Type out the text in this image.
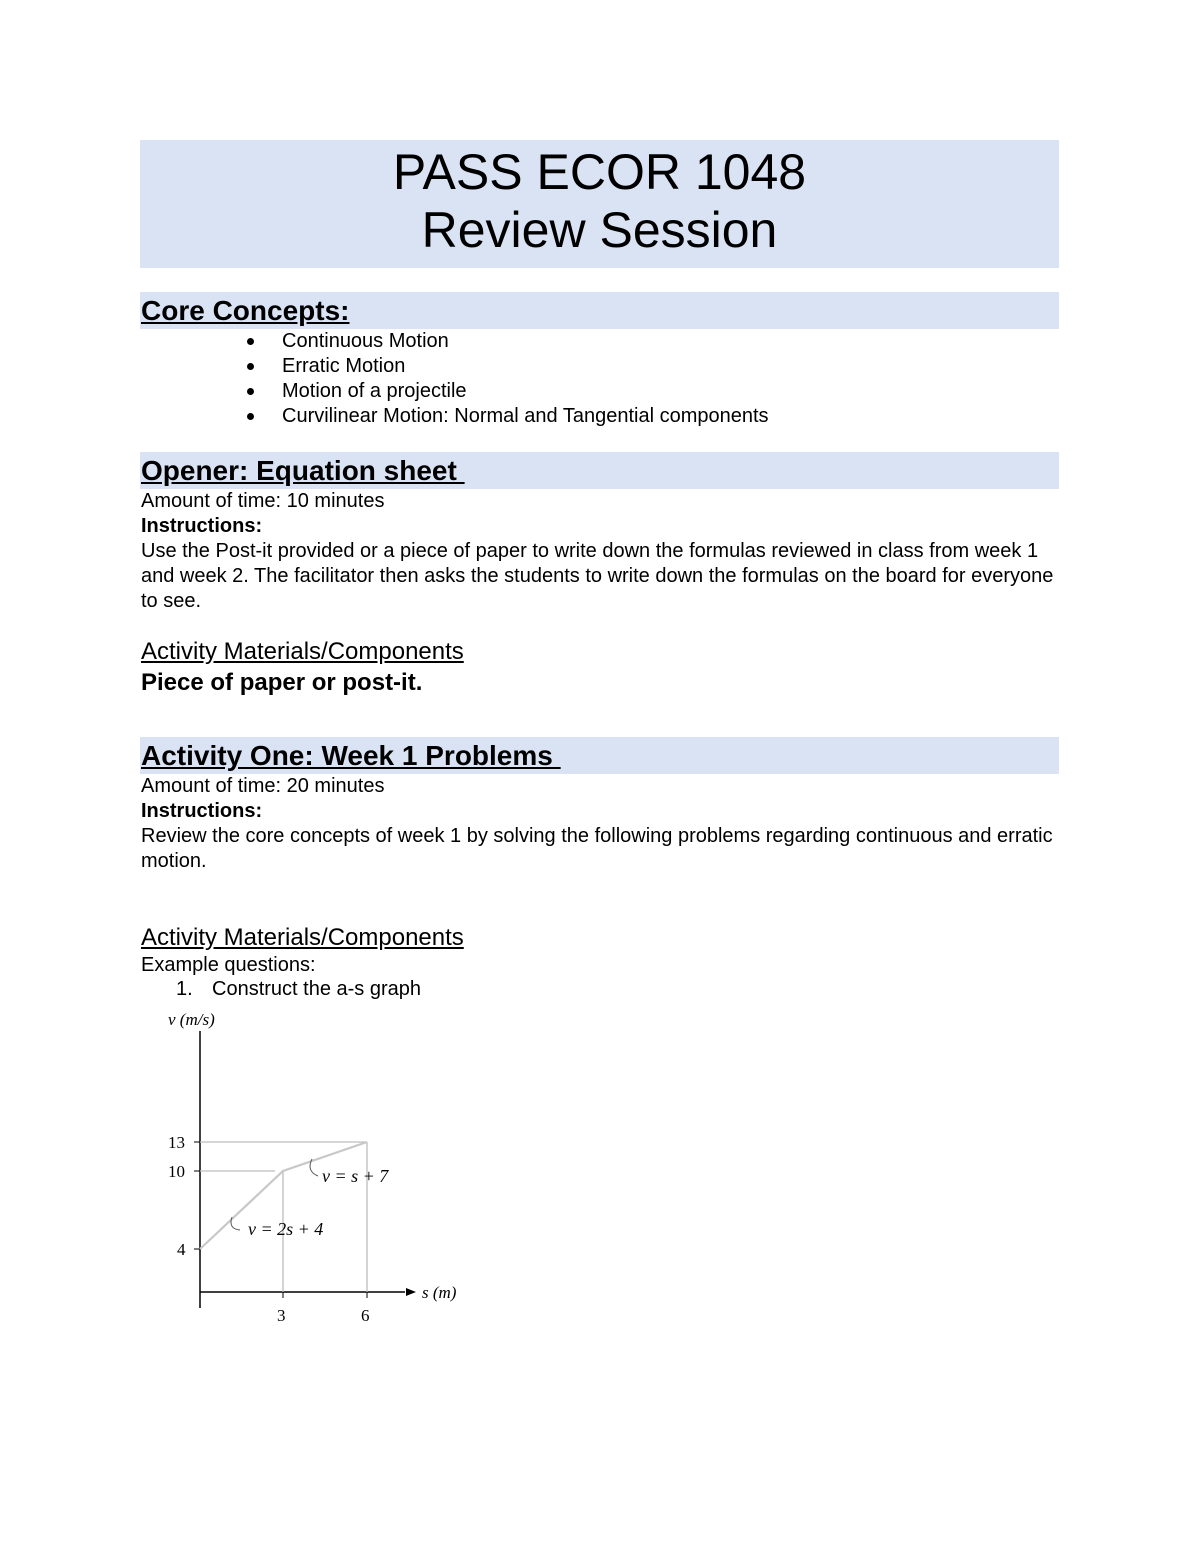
PASS ECOR 1048
Review Session
Core Concepts:
Continuous Motion
Erratic Motion
Motion of a projectile
Curvilinear Motion: Normal and Tangential components
Opener: Equation sheet
Amount of time: 10 minutes
Instructions:
Use the Post-it provided or a piece of paper to write down the formulas reviewed in class from week 1 and week 2. The facilitator then asks the students to write down the formulas on the board for everyone to see.
Activity Materials/Components
Piece of paper or post-it.
Activity One: Week 1 Problems
Amount of time: 20 minutes
Instructions:
Review the core concepts of week 1 by solving the following problems regarding continuous and erratic motion.
Activity Materials/Components
Example questions:
1. Construct the a-s graph
v (m/s)
s (m)
13
10
4
3	6
v = s + 7
v = 2s + 4
